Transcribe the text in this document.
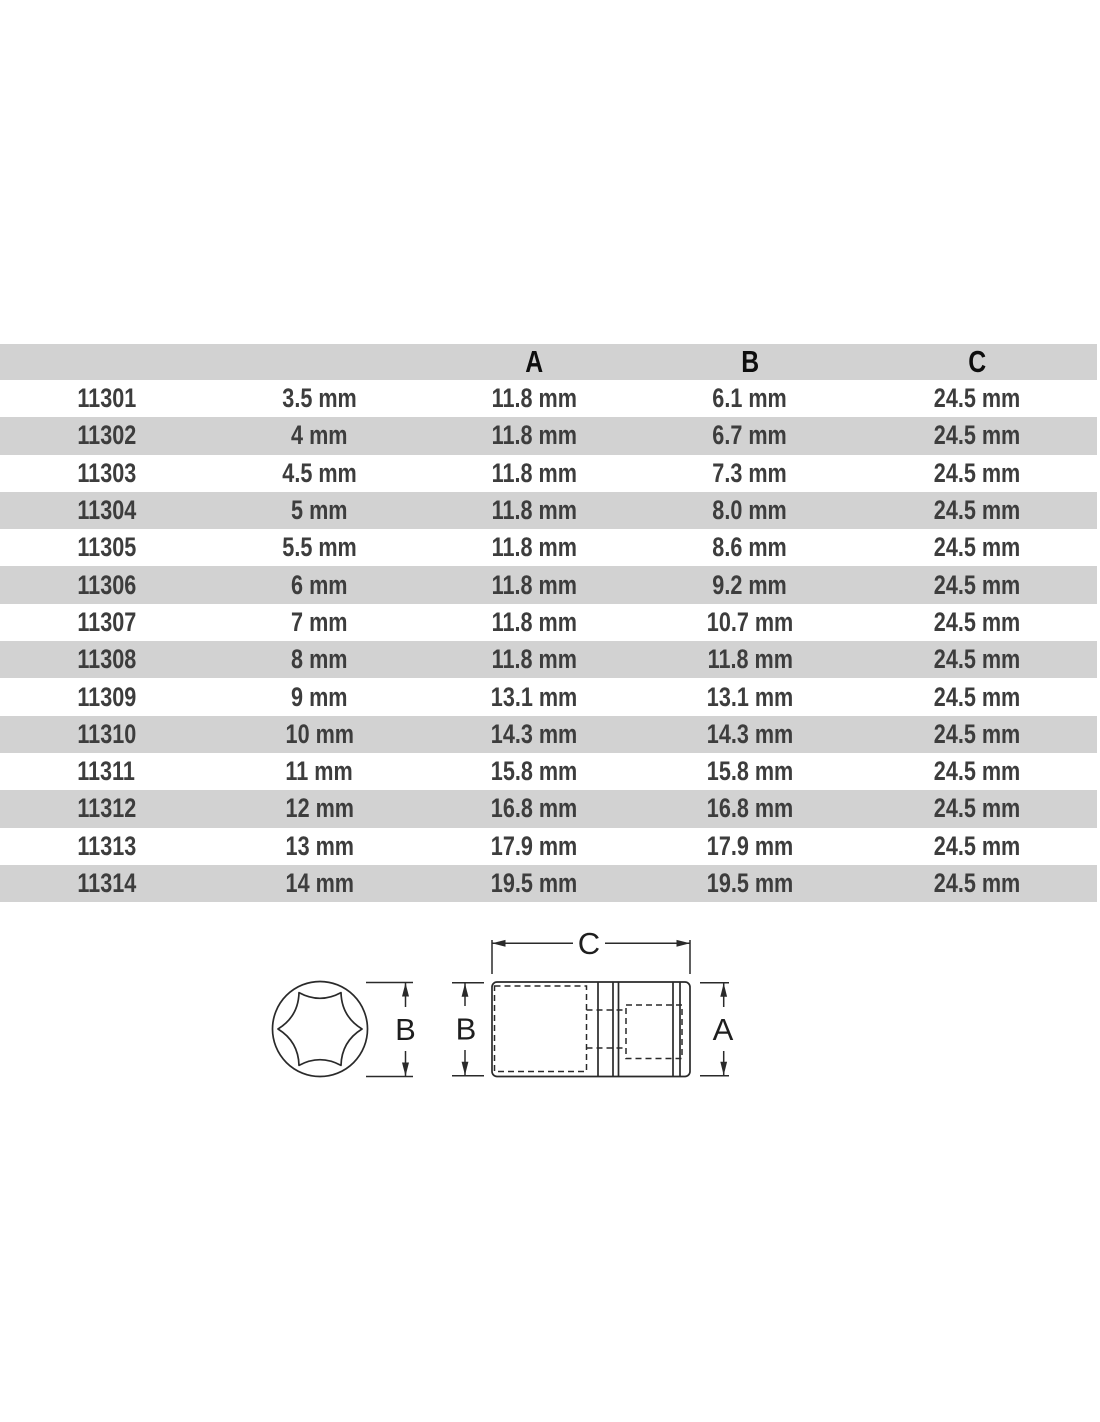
		A	B	C
11301	3.5 mm	11.8 mm	6.1 mm	24.5 mm
11302	4 mm	11.8 mm	6.7 mm	24.5 mm
11303	4.5 mm	11.8 mm	7.3 mm	24.5 mm
11304	5 mm	11.8 mm	8.0 mm	24.5 mm
11305	5.5 mm	11.8 mm	8.6 mm	24.5 mm
11306	6 mm	11.8 mm	9.2 mm	24.5 mm
11307	7 mm	11.8 mm	10.7 mm	24.5 mm
11308	8 mm	11.8 mm	11.8 mm	24.5 mm
11309	9 mm	13.1 mm	13.1 mm	24.5 mm
11310	10 mm	14.3 mm	14.3 mm	24.5 mm
11311	11 mm	15.8 mm	15.8 mm	24.5 mm
11312	12 mm	16.8 mm	16.8 mm	24.5 mm
11313	13 mm	17.9 mm	17.9 mm	24.5 mm
11314	14 mm	19.5 mm	19.5 mm	24.5 mm
B
C
B	A
